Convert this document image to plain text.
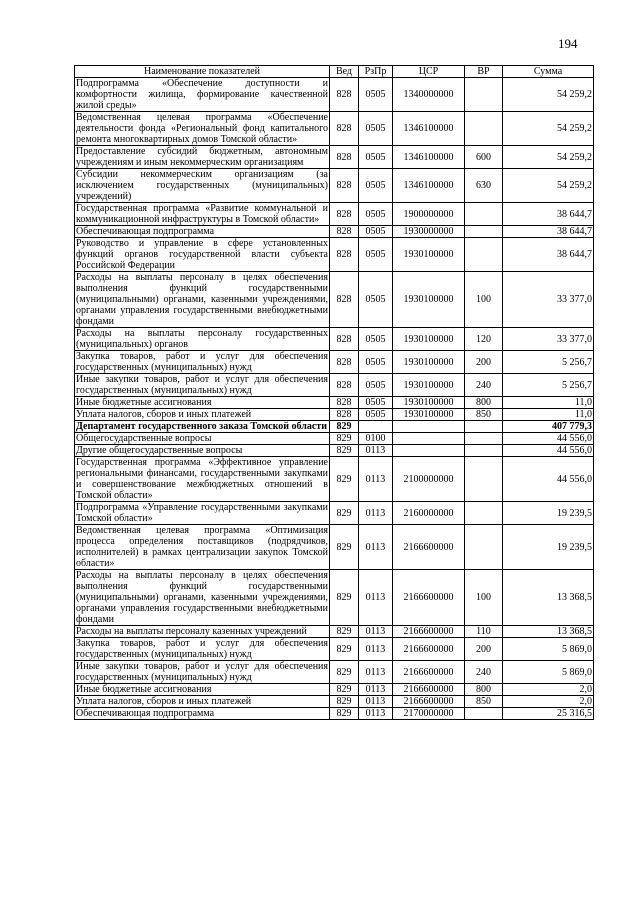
194
Наименование показателей	Вед	РзПр	ЦСР	ВР	Сумма
Подпрограмма «Обеспечение доступности и комфортности жилища, формирование качественной жилой среды»	828	0505	1340000000		54 259,2
Ведомственная целевая программа «Обеспечение деятельности фонда «Региональный фонд капитального ремонта многоквартирных домов Томской области»	828	0505	1346100000		54 259,2
Предоставление субсидий бюджетным, автономным учреждениям и иным некоммерческим организациям	828	0505	1346100000	600	54 259,2
Субсидии некоммерческим организациям (за исключением государственных (муниципальных) учреждений)	828	0505	1346100000	630	54 259,2
Государственная программа «Развитие коммунальной и коммуникационной инфраструктуры в Томской области»	828	0505	1900000000		38 644,7
Обеспечивающая подпрограмма	828	0505	1930000000		38 644,7
Руководство и управление в сфере установленных функций органов государственной власти субъекта Российской Федерации	828	0505	1930100000		38 644,7
Расходы на выплаты персоналу в целях обеспечения выполнения функций государственными (муниципальными) органами, казенными учреждениями, органами управления государственными внебюджетными фондами	828	0505	1930100000	100	33 377,0
Расходы на выплаты персоналу государственных (муниципальных) органов	828	0505	1930100000	120	33 377,0
Закупка товаров, работ и услуг для обеспечения государственных (муниципальных) нужд	828	0505	1930100000	200	5 256,7
Иные закупки товаров, работ и услуг для обеспечения государственных (муниципальных) нужд	828	0505	1930100000	240	5 256,7
Иные бюджетные ассигнования	828	0505	1930100000	800	11,0
Уплата налогов, сборов и иных платежей	828	0505	1930100000	850	11,0
Департамент государственного заказа Томской области	829				407 779,3
Общегосударственные вопросы	829	0100			44 556,0
Другие общегосударственные вопросы	829	0113			44 556,0
Государственная программа «Эффективное управление региональными финансами, государственными закупками и совершенствование межбюджетных отношений в Томской области»	829	0113	2100000000		44 556,0
Подпрограмма «Управление государственными закупками Томской области»	829	0113	2160000000		19 239,5
Ведомственная целевая программа «Оптимизация процесса определения поставщиков (подрядчиков, исполнителей) в рамках централизации закупок Томской области»	829	0113	2166600000		19 239,5
Расходы на выплаты персоналу в целях обеспечения выполнения функций государственными (муниципальными) органами, казенными учреждениями, органами управления государственными внебюджетными фондами	829	0113	2166600000	100	13 368,5
Расходы на выплаты персоналу казенных учреждений	829	0113	2166600000	110	13 368,5
Закупка товаров, работ и услуг для обеспечения государственных (муниципальных) нужд	829	0113	2166600000	200	5 869,0
Иные закупки товаров, работ и услуг для обеспечения государственных (муниципальных) нужд	829	0113	2166600000	240	5 869,0
Иные бюджетные ассигнования	829	0113	2166600000	800	2,0
Уплата налогов, сборов и иных платежей	829	0113	2166600000	850	2,0
Обеспечивающая подпрограмма	829	0113	2170000000		25 316,5
